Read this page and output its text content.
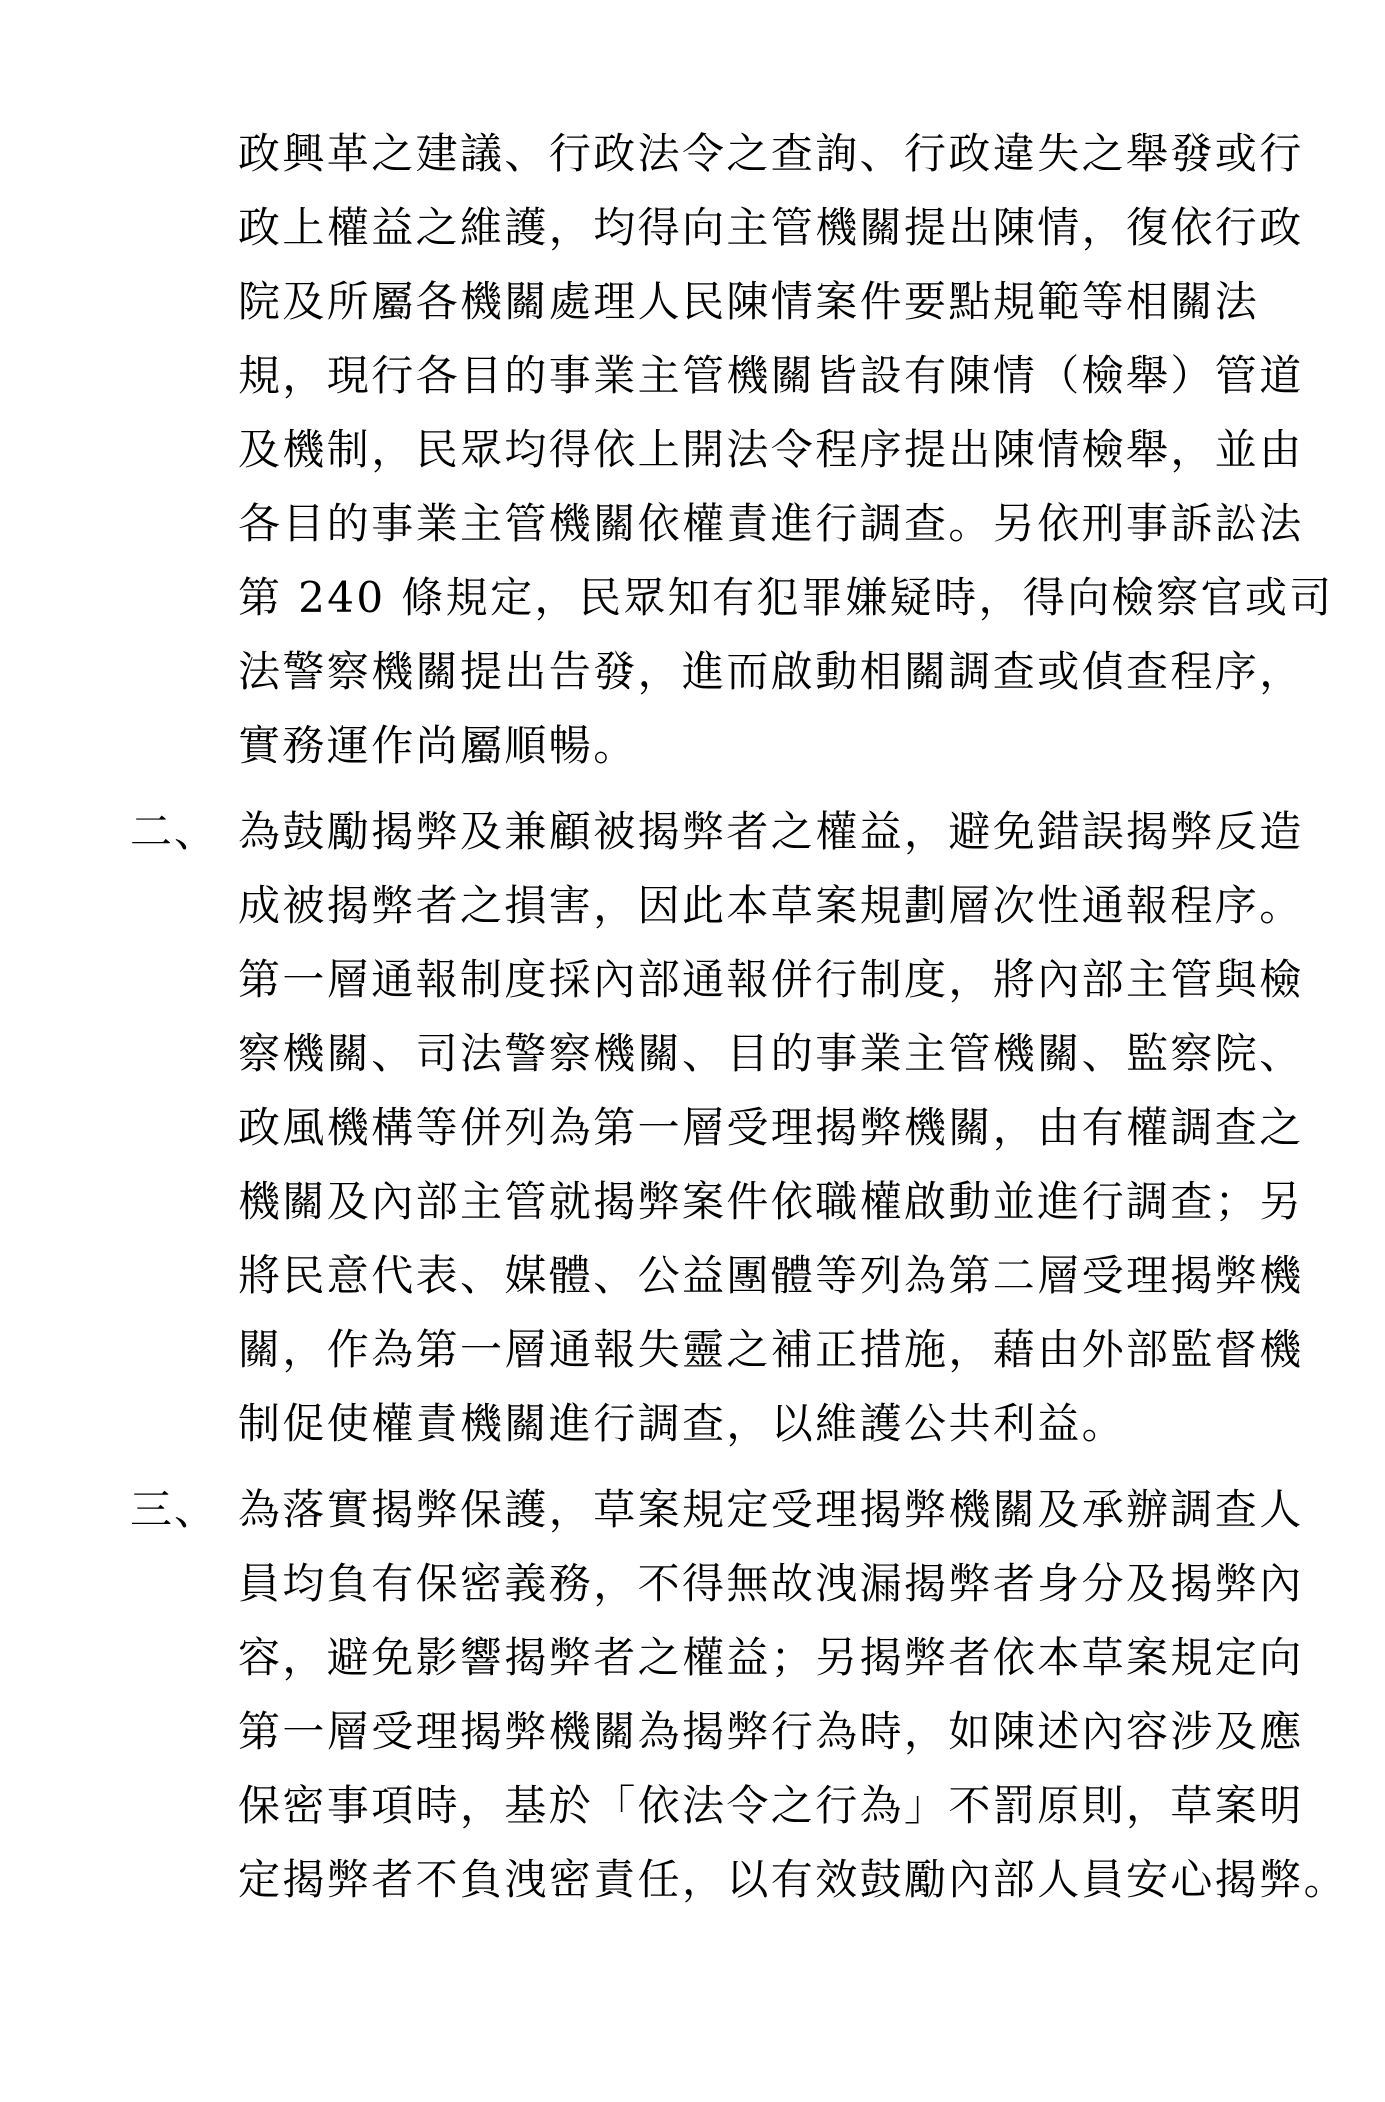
政興革之建議、行政法令之查詢、行政違失之舉發或行
政上權益之維護，均得向主管機關提出陳情，復依行政
院及所屬各機關處理人民陳情案件要點規範等相關法
規，現行各目的事業主管機關皆設有陳情（檢舉）管道
及機制，民眾均得依上開法令程序提出陳情檢舉，並由
各目的事業主管機關依權責進行調查。另依刑事訴訟法
第 240 條規定，民眾知有犯罪嫌疑時，得向檢察官或司
法警察機關提出告發，進而啟動相關調查或偵查程序，
實務運作尚屬順暢。
二、 為鼓勵揭弊及兼顧被揭弊者之權益，避免錯誤揭弊反造
成被揭弊者之損害，因此本草案規劃層次性通報程序。
第一層通報制度採內部通報併行制度，將內部主管與檢
察機關、司法警察機關、目的事業主管機關、監察院、
政風機構等併列為第一層受理揭弊機關，由有權調查之
機關及內部主管就揭弊案件依職權啟動並進行調查；另
將民意代表、媒體、公益團體等列為第二層受理揭弊機
關，作為第一層通報失靈之補正措施，藉由外部監督機
制促使權責機關進行調查，以維護公共利益。
三、 為落實揭弊保護，草案規定受理揭弊機關及承辦調查人
員均負有保密義務，不得無故洩漏揭弊者身分及揭弊內
容，避免影響揭弊者之權益；另揭弊者依本草案規定向
第一層受理揭弊機關為揭弊行為時，如陳述內容涉及應
保密事項時，基於「依法令之行為」不罰原則，草案明
定揭弊者不負洩密責任，以有效鼓勵內部人員安心揭弊。
